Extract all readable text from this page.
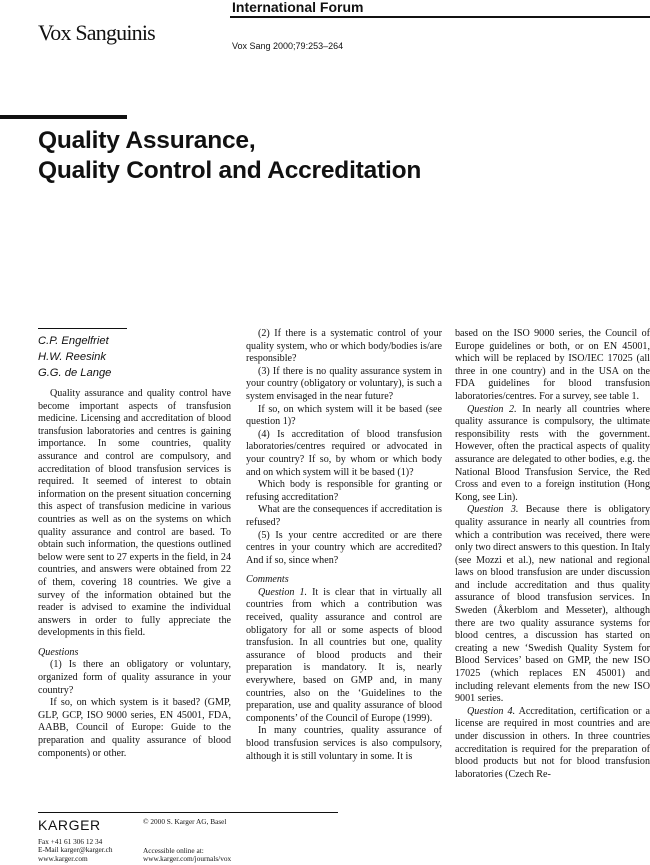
Vox Sanguinis
International Forum
Vox Sang 2000;79:253–264
Quality Assurance,
Quality Control and Accreditation
C.P. Engelfriet
H.W. Reesink
G.G. de Lange

Quality assurance and quality control have become important aspects of transfusion medicine. Licensing and accreditation of blood transfusion laboratories and centres is gaining importance. In some countries, quality assurance and control are compulsory, and accreditation of blood transfusion services is required. It seemed of interest to obtain information on the present situation concerning this aspect of transfusion medicine in various countries as well as on the systems on which quality assurance and control are based. To obtain such information, the questions outlined below were sent to 27 experts in the field, in 24 countries, and answers were obtained from 22 of them, covering 18 countries. We give a survey of the information obtained but the reader is advised to examine the individual answers in order to fully appreciate the developments in this field.

Questions

(1) Is there an obligatory or voluntary, organized form of quality assurance in your country?

If so, on which system is it based? (GMP, GLP, GCP, ISO 9000 series, EN 45001, FDA, AABB, Council of Europe: Guide to the preparation and quality assurance of blood components) or other.

(2) If there is a systematic control of your quality system, who or which body/bodies is/are responsible?

(3) If there is no quality assurance system in your country (obligatory or voluntary), is such a system envisaged in the near future?

If so, on which system will it be based (see question 1)?

(4) Is accreditation of blood transfusion laboratories/centres required or advocated in your country? If so, by whom or which body and on which system will it be based (1)?

Which body is responsible for granting or refusing accreditation?

What are the consequences if accreditation is refused?

(5) Is your centre accredited or are there centres in your country which are accredited? And if so, since when?

Comments

Question 1. It is clear that in virtually all countries from which a contribution was received, quality assurance and control are obligatory for all or some aspects of blood transfusion. In all countries but one, quality assurance of blood products and their preparation is mandatory. It is, nearly everywhere, based on GMP and, in many countries, also on the ‘Guidelines to the preparation, use and quality assurance of blood components’ of the Council of Europe (1999).

In many countries, quality assurance of blood transfusion services is also compulsory, although it is still voluntary in some. It is

based on the ISO 9000 series, the Council of Europe guidelines or both, or on EN 45001, which will be replaced by ISO/IEC 17025 (all three in one country) and in the USA on the FDA guidelines for blood transfusion laboratories/centres. For a survey, see table 1.

Question 2. In nearly all countries where quality assurance is compulsory, the ultimate responsibility rests with the government. However, often the practical aspects of quality assurance are delegated to other bodies, e.g. the National Blood Transfusion Service, the Red Cross and even to a foreign institution (Hong Kong, see Lin).

Question 3. Because there is obligatory quality assurance in nearly all countries from which a contribution was received, there were only two direct answers to this question. In Italy (see Mozzi et al.), new national and regional laws on blood transfusion are under discussion and include accreditation and thus quality assurance of blood transfusion services. In Sweden (Åkerblom and Messeter), although there are two quality assurance systems for blood centres, a discussion has started on creating a new ‘Swedish Quality System for Blood Services’ based on GMP, the new ISO 17025 (which replaces EN 45001) and including relevant elements from the new ISO 9001 series.

Question 4. Accreditation, certification or a license are required in most countries and are under discussion in others. In three countries accreditation is required for the preparation of blood products but not for blood transfusion laboratories (Czech Re-

KARGER
Fax +41 61 306 12 34
E-Mail karger@karger.ch
www.karger.com
© 2000 S. Karger AG, Basel
Accessible online at:
www.karger.com/journals/vox
